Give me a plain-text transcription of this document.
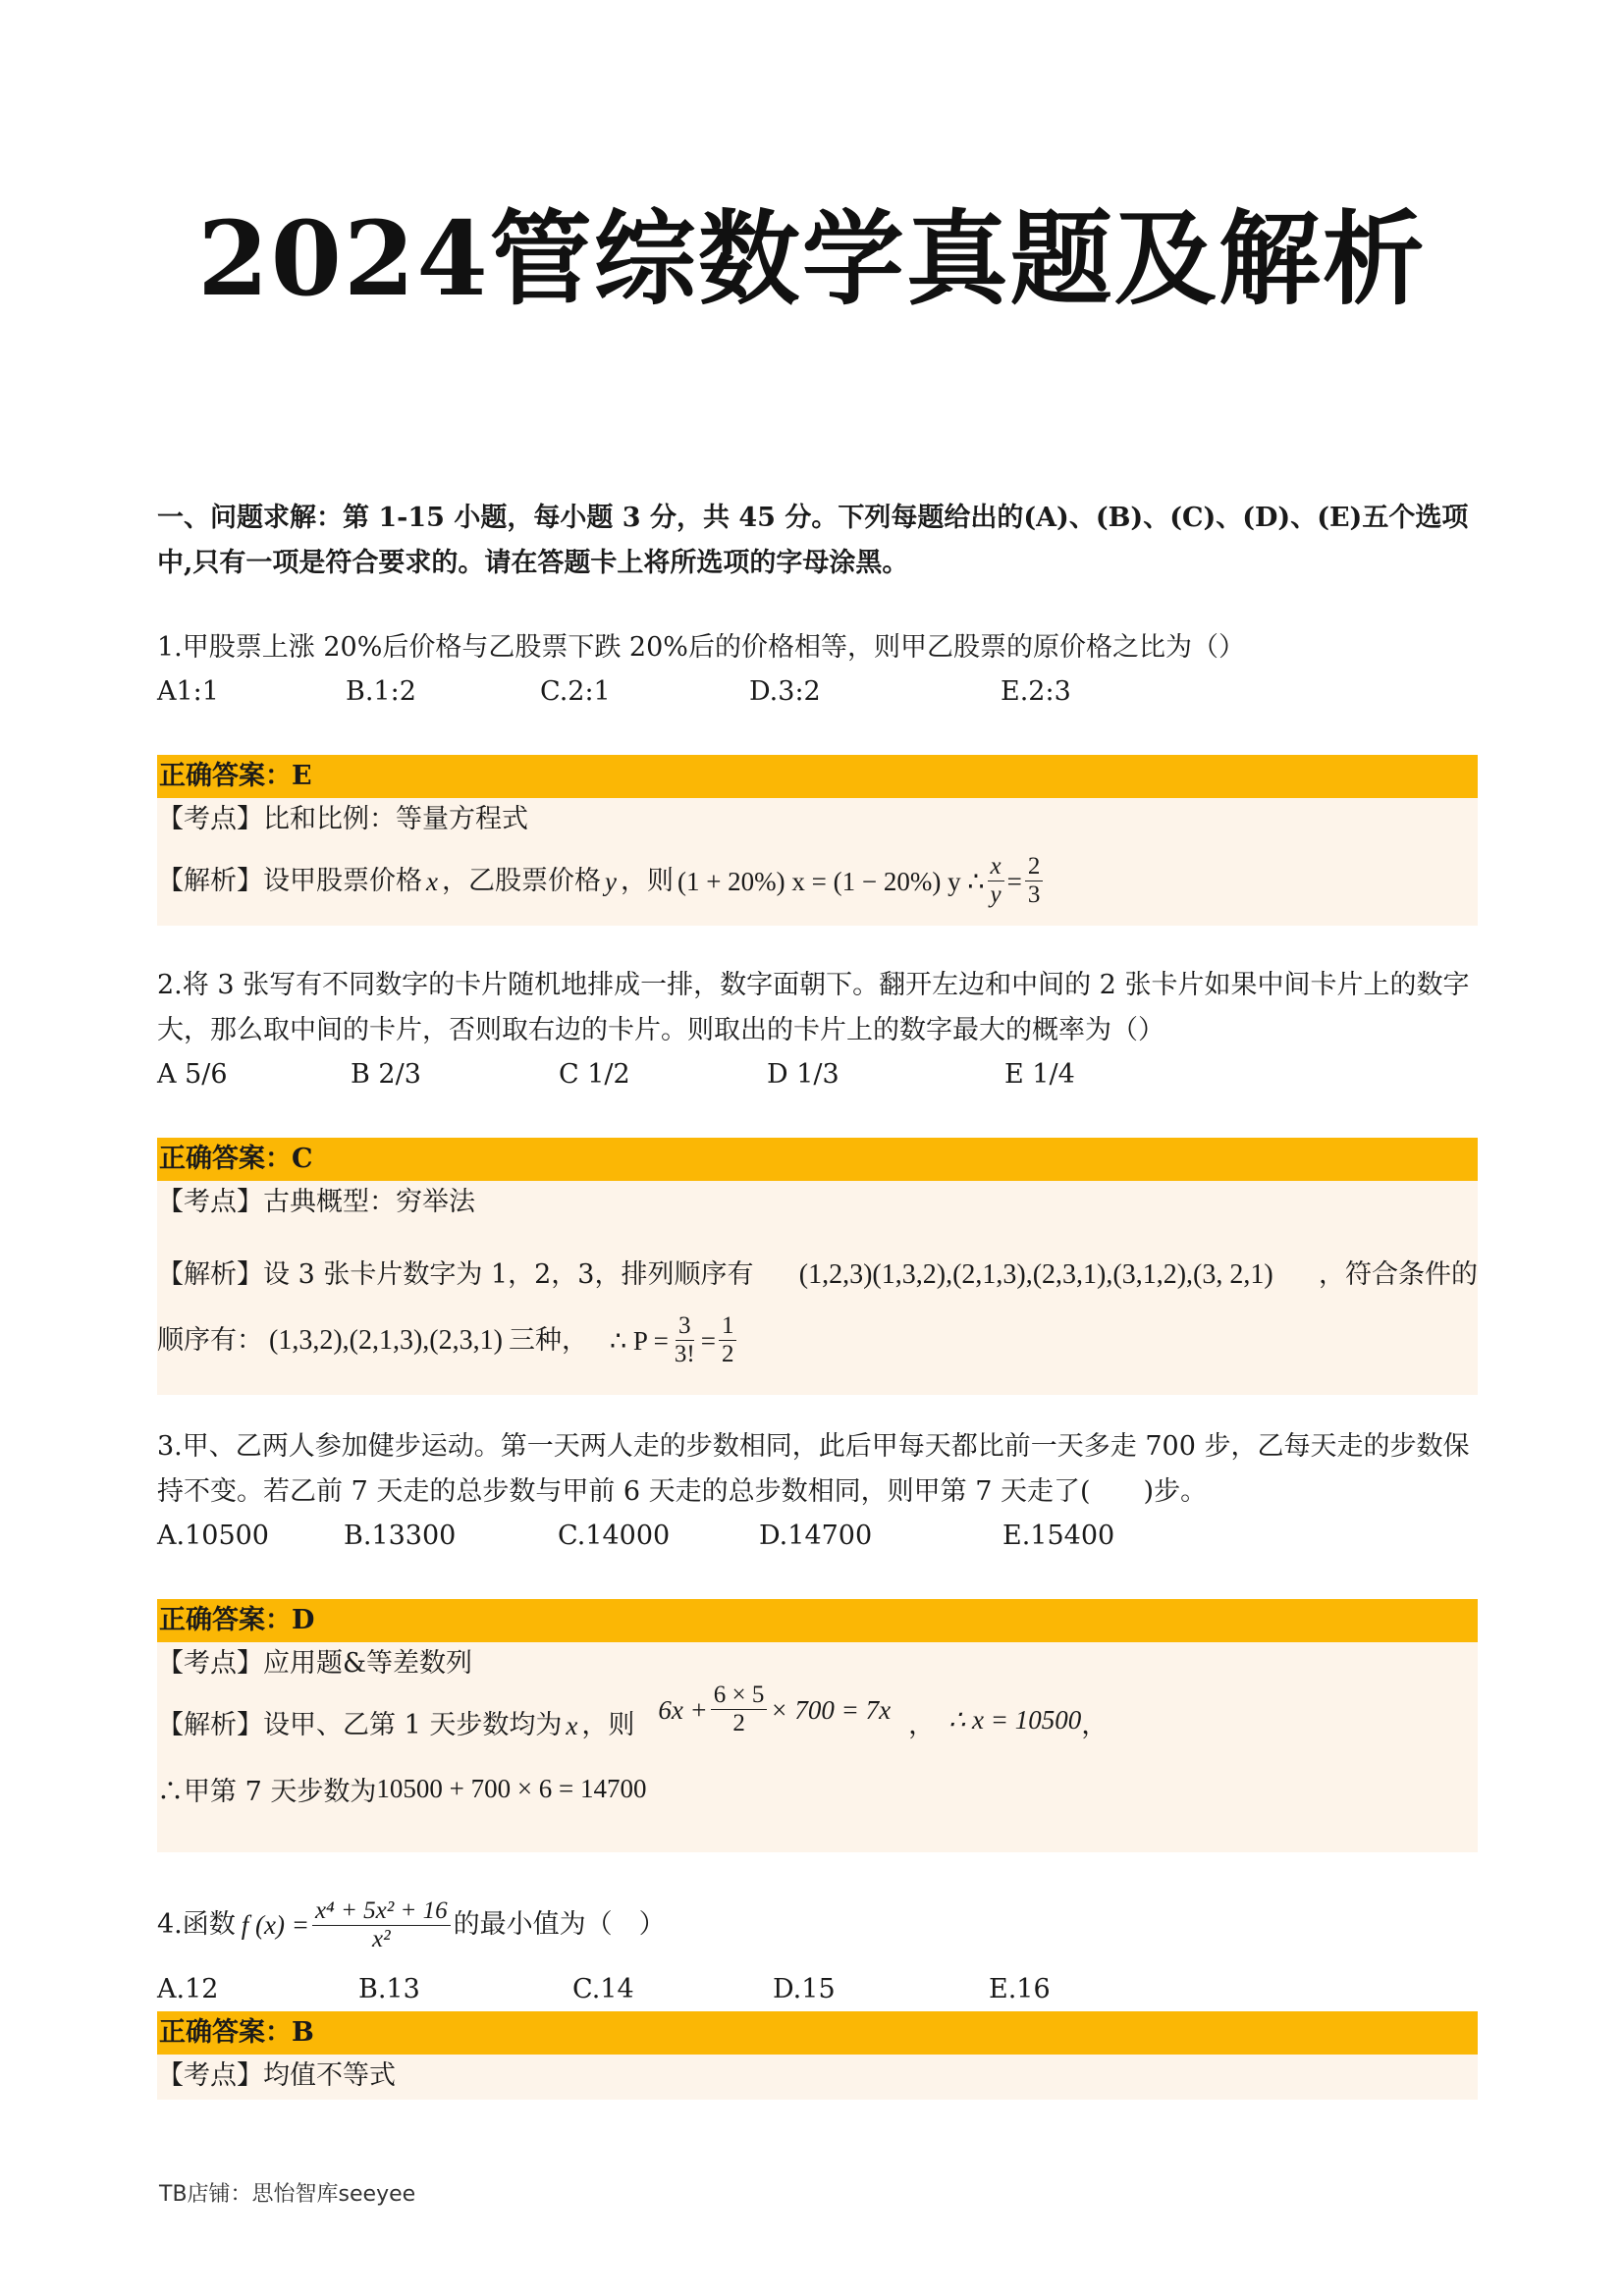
2024管综数学真题及解析
一、问题求解：第 1-15 小题，每小题 3 分，共 45 分。下列每题给出的(A)、(B)、(C)、(D)、(E)五个选项中,只有一项是符合要求的。请在答题卡上将所选项的字母涂黑。
1.甲股票上涨 20%后价格与乙股票下跌 20%后的价格相等，则甲乙股票的原价格之比为（）
A1:1	B.1:2	C.2:1	D.3:2	E.2:3
正确答案：E
【考点】比和比例：等量方程式
【解析】设甲股票价格 x ，乙股票价格 y ，则 (1 + 20%) x = (1 − 20%) y ∴ $\frac{x}{y} = \frac{2}{3}$
2.将 3 张写有不同数字的卡片随机地排成一排，数字面朝下。翻开左边和中间的 2 张卡片如果中间卡片上的数字大，那么取中间的卡片，否则取右边的卡片。则取出的卡片上的数字最大的概率为（）
A 5/6	B 2/3	C 1/2	D 1/3	E 1/4
正确答案：C
【考点】古典概型：穷举法
【解析】设 3 张卡片数字为 1，2，3，排列顺序有 (1,2,3)(1,3,2),(2,1,3),(2,3,1),(3,1,2),(3, 2,1) ，符合条件的
顺序有： (1,3,2),(2,1,3),(2,3,1) 三种， ∴ $P = \frac{3}{3!} = \frac{1}{2}$
3.甲、乙两人参加健步运动。第一天两人走的步数相同，此后甲每天都比前一天多走 700 步，乙每天走的步数保持不变。若乙前 7 天走的总步数与甲前 6 天走的总步数相同，则甲第 7 天走了(　　)步。
A.10500	B.13300	C.14000	D.14700	E.15400
正确答案：D
【考点】应用题&等差数列
【解析】设甲、乙第 1 天步数均为 x ，则 $6x + \frac{6 \times 5}{2} \times 700 = 7x$ ， ∴ x = 10500 ，
∴甲第 7 天步数为 10500 + 700 × 6 = 14700
4.函数 f $(x) = \frac{\text{x⁴ + 5x² + 16}}{\text{x²}}$ 的最小值为（　）
A.12	B.13	C.14	D.15	E.16
正确答案：B
【考点】均值不等式
TB店铺：思怡智库seeyee
